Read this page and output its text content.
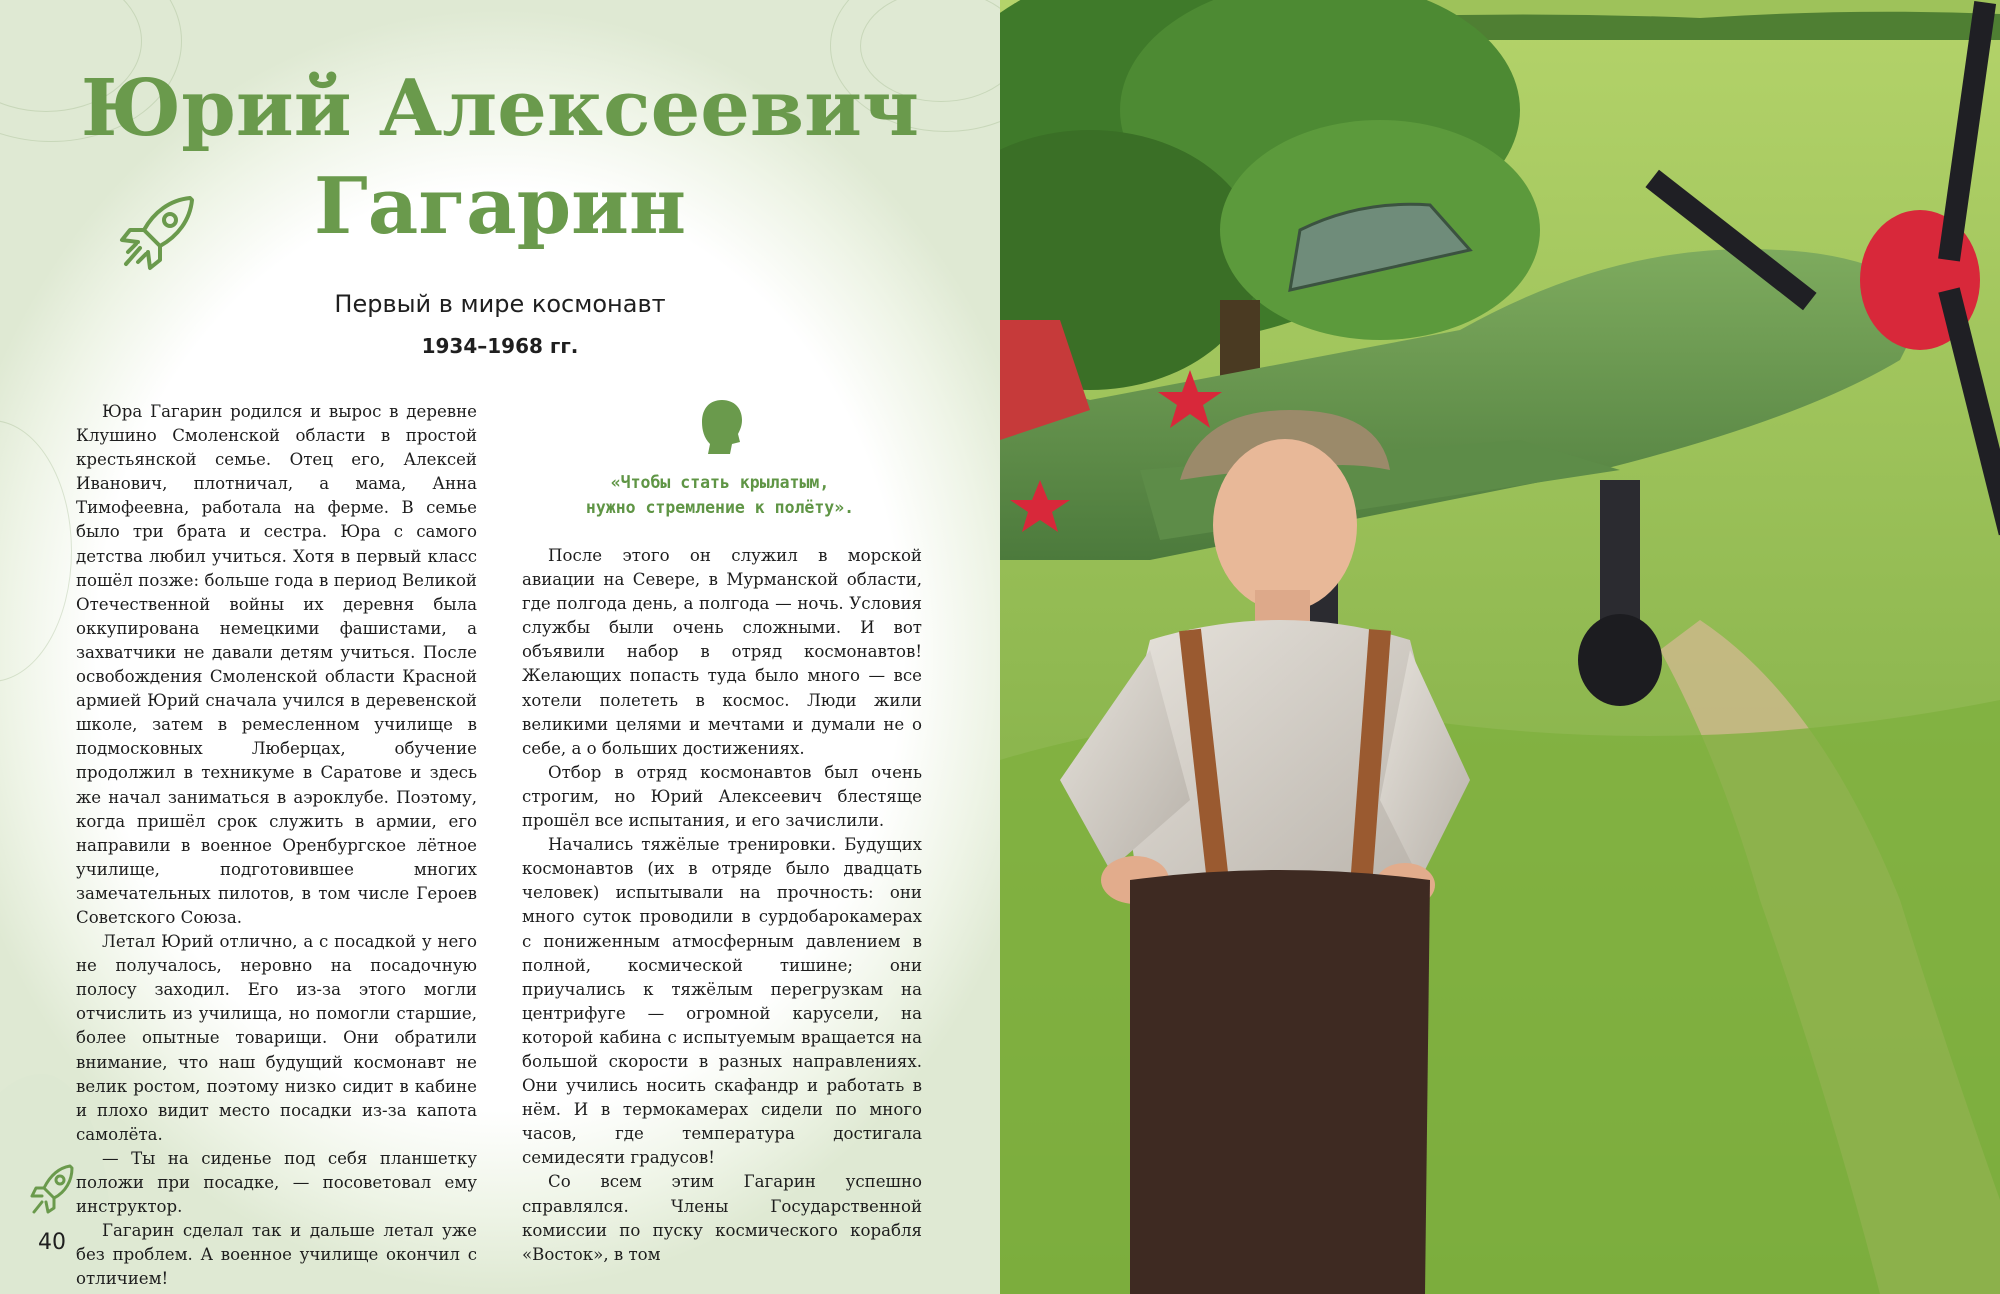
Юрий Алексеевич
Гагарин
Первый в мире космонавт
1934–1968 гг.

Юра Гагарин родился и вырос в деревне Клушино Смоленской области в простой крестьянской семье. Отец его, Алексей Иванович, плотничал, а мама, Анна Тимофеевна, работала на ферме. В семье было три брата и сестра. Юра с самого детства любил учиться. Хотя в первый класс пошёл позже: больше года в период Великой Отечественной войны их деревня была оккупирована немецкими фашистами, а захватчики не давали детям учиться. После освобождения Смоленской области Красной армией Юрий сначала учился в деревенской школе, затем в ремесленном училище в подмосковных Люберцах, обучение продолжил в техникуме в Саратове и здесь же начал заниматься в аэроклубе. Поэтому, когда пришёл срок служить в армии, его направили в военное Оренбургское лётное училище, подготовившее многих замечательных пилотов, в том числе Героев Советского Союза.

Летал Юрий отлично, а с посадкой у него не получалось, неровно на посадочную полосу заходил. Его из-за этого могли отчислить из училища, но помогли старшие, более опытные товарищи. Они обратили внимание, что наш будущий космонавт не велик ростом, поэтому низко сидит в кабине и плохо видит место посадки из-за капота самолёта.

— Ты на сиденье под себя планшетку положи при посадке, — посоветовал ему инструктор.

Гагарин сделал так и дальше летал уже без проблем. А военное училище окончил с отличием!

«Чтобы стать крылатым,
нужно стремление к полёту».

После этого он служил в морской авиации на Севере, в Мурманской области, где полгода день, а полгода — ночь. Условия службы были очень сложными. И вот объявили набор в отряд космонавтов! Желающих попасть туда было много — все хотели полететь в космос. Люди жили великими целями и мечтами и думали не о себе, а о больших достижениях.

Отбор в отряд космонавтов был очень строгим, но Юрий Алексеевич блестяще прошёл все испытания, и его зачислили.

Начались тяжёлые тренировки. Будущих космонавтов (их в отряде было двадцать человек) испытывали на прочность: они много суток проводили в сурдобарокамерах с пониженным атмосферным давлением в полной, космической тишине; они приучались к тяжёлым перегрузкам на центрифуге — огромной карусели, на которой кабина с испытуемым вращается на большой скорости в разных направлениях. Они учились носить скафандр и работать в нём. И в термокамерах сидели по много часов, где температура достигала семидесяти градусов!

Со всем этим Гагарин успешно справлялся. Члены Государственной комиссии по пуску космического корабля «Восток», в том

40
